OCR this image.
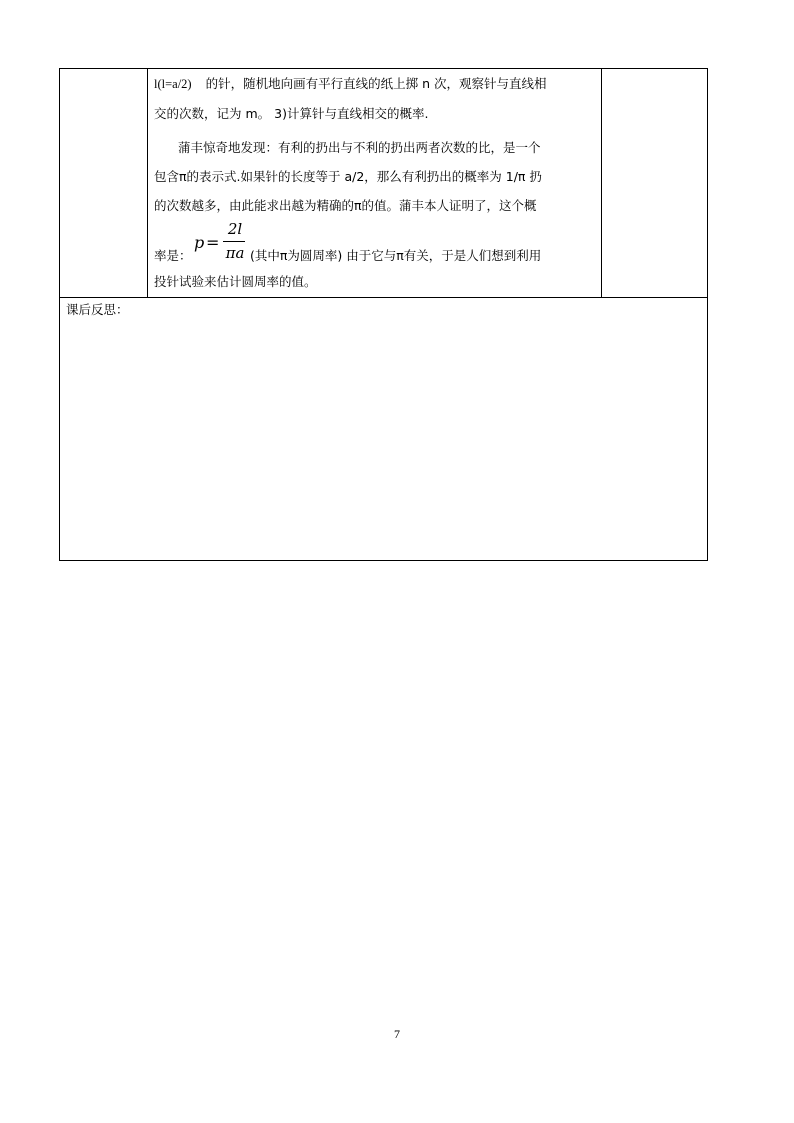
l(l=a/2) 的针，随机地向画有平行直线的纸上掷 n 次，观察针与直线相
交的次数，记为 m。 3)计算针与直线相交的概率.
蒲丰惊奇地发现：有利的扔出与不利的扔出两者次数的比，是一个
包含π的表示式.如果针的长度等于 a/2，那么有利扔出的概率为 1/π 扔
的次数越多，由此能求出越为精确的π的值。蒲丰本人证明了，这个概
率是：
p =
2l
πa (其中π为圆周率) 由于它与π有关，于是人们想到利用
投针试验来估计圆周率的值。
课后反思：
7
